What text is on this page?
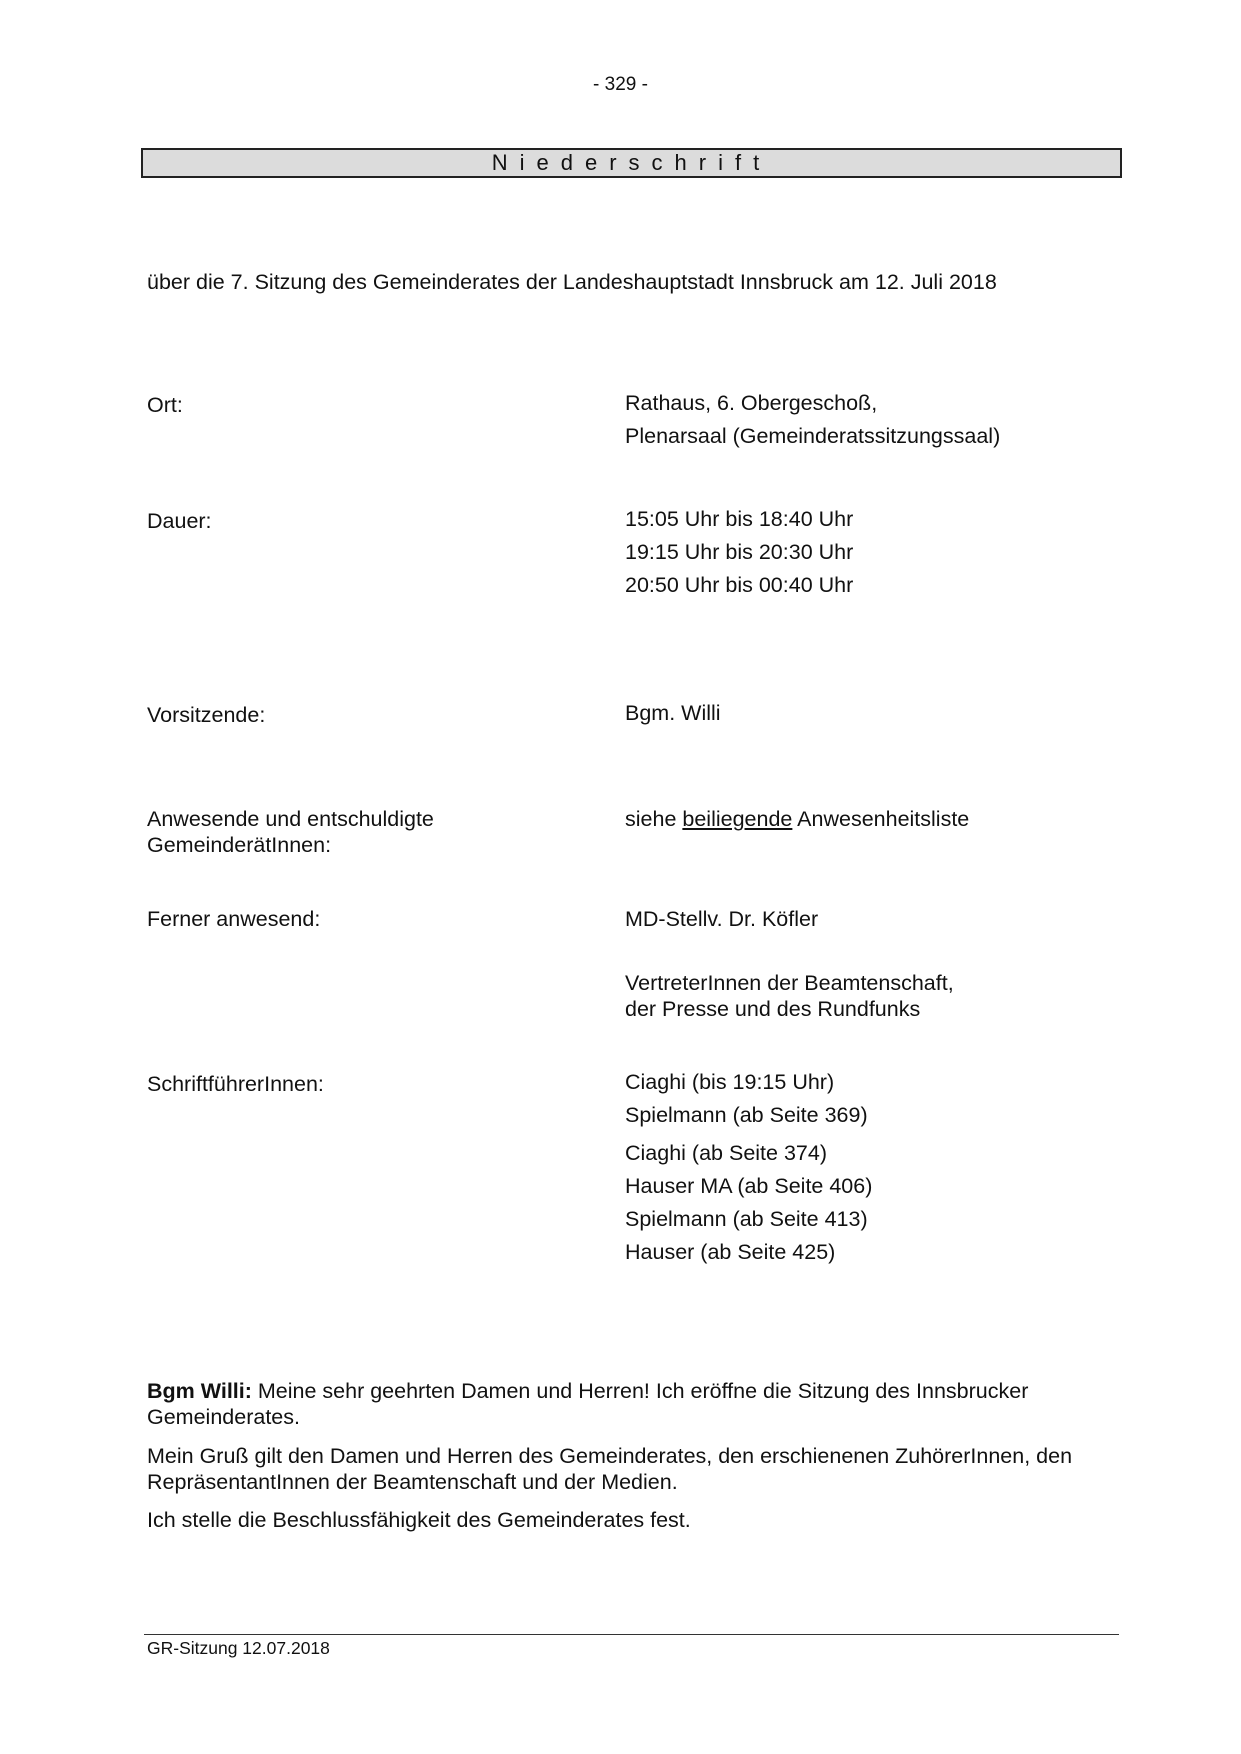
- 329 -
Niederschrift
über die 7. Sitzung des Gemeinderates der Landeshauptstadt Innsbruck am 12. Juli 2018
Ort:	Rathaus, 6. Obergeschoß,
Plenarsaal (Gemeinderatssitzungssaal)
Dauer:	15:05 Uhr bis 18:40 Uhr
19:15 Uhr bis 20:30 Uhr
20:50 Uhr bis 00:40 Uhr
Vorsitzende:	Bgm. Willi
Anwesende und entschuldigte
GemeinderätInnen:
siehe beiliegende Anwesenheitsliste
Ferner anwesend:	MD-Stellv. Dr. Köfler
VertreterInnen der Beamtenschaft,
der Presse und des Rundfunks
SchriftführerInnen:	Ciaghi (bis 19:15 Uhr)
Spielmann (ab Seite 369)
Ciaghi (ab Seite 374)
Hauser MA (ab Seite 406)
Spielmann (ab Seite 413)
Hauser (ab Seite 425)
Bgm Willi: Meine sehr geehrten Damen und Herren! Ich eröffne die Sitzung des Innsbrucker Gemeinderates.
Mein Gruß gilt den Damen und Herren des Gemeinderates, den erschienenen ZuhörerInnen, den RepräsentantInnen der Beamtenschaft und der Medien.
Ich stelle die Beschlussfähigkeit des Gemeinderates fest.
GR-Sitzung 12.07.2018
